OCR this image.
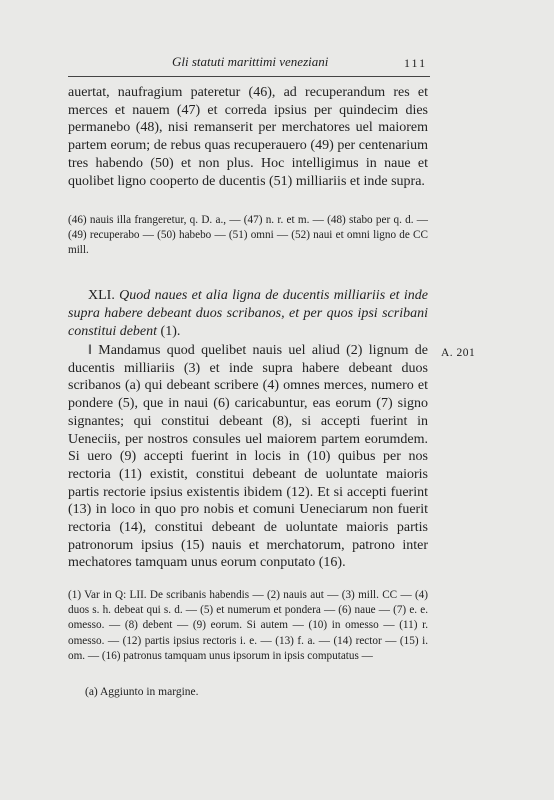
Gli statuti marittimi veneziani	111

auertat, naufragium pateretur (46), ad recuperandum res et merces et nauem (47) et correda ipsius per quindecim dies permanebo (48), nisi remanserit per merchatores uel maiorem partem eorum; de rebus quas recuperauero (49) per centenarium tres habendo (50) et non plus. Hoc intelligimus in naue et quolibet ligno cooperto de ducentis (51) milliariis et inde supra.

(46) nauis illa frangeretur, q. D. a., — (47) n. r. et m. — (48) stabo per q. d. — (49) recuperabo — (50) habebo — (51) omni — (52) naui et omni ligno de CC mill.

XLI. Quod naues et alia ligna de ducentis milliariis et inde supra habere debeant duos scribanos, et per quos ipsi scribani constitui debent (1).

‖ Mandamus quod quelibet nauis uel aliud (2) lignum de ducentis milliariis (3) et inde supra habere debeant duos scribanos (a) qui debeant scribere (4) omnes merces, numero et pondere (5), que in naui (6) caricabuntur, eas eorum (7) signo signantes; qui constitui debeant (8), si accepti fuerint in Ueneciis, per nostros consules uel maiorem partem eorumdem. Si uero (9) accepti fuerint in locis in (10) quibus per nos rectoria (11) existit, constitui debeant de uoluntate maioris partis rectorie ipsius existentis ibidem (12). Et si accepti fuerint (13) in loco in quo pro nobis et comuni Ueneciarum non fuerit rectoria (14), constitui debeant de uoluntate maioris partis patronorum ipsius (15) nauis et merchatorum, patrono inter mechatores tamquam unus eorum conputato (16).

A. 201

(1) Var in Q: LII. De scribanis habendis — (2) nauis aut — (3) mill. CC — (4) duos s. h. debeat qui s. d. — (5) et numerum et pondera — (6) naue — (7) e. e. omesso. — (8) debent — (9) eorum. Si autem — (10) in omesso — (11) r. omesso. — (12) partis ipsius rectoris i. e. — (13) f. a. — (14) rector — (15) i. om. — (16) patronus tamquam unus ipsorum in ipsis computatus —

(a) Aggiunto in margine.
